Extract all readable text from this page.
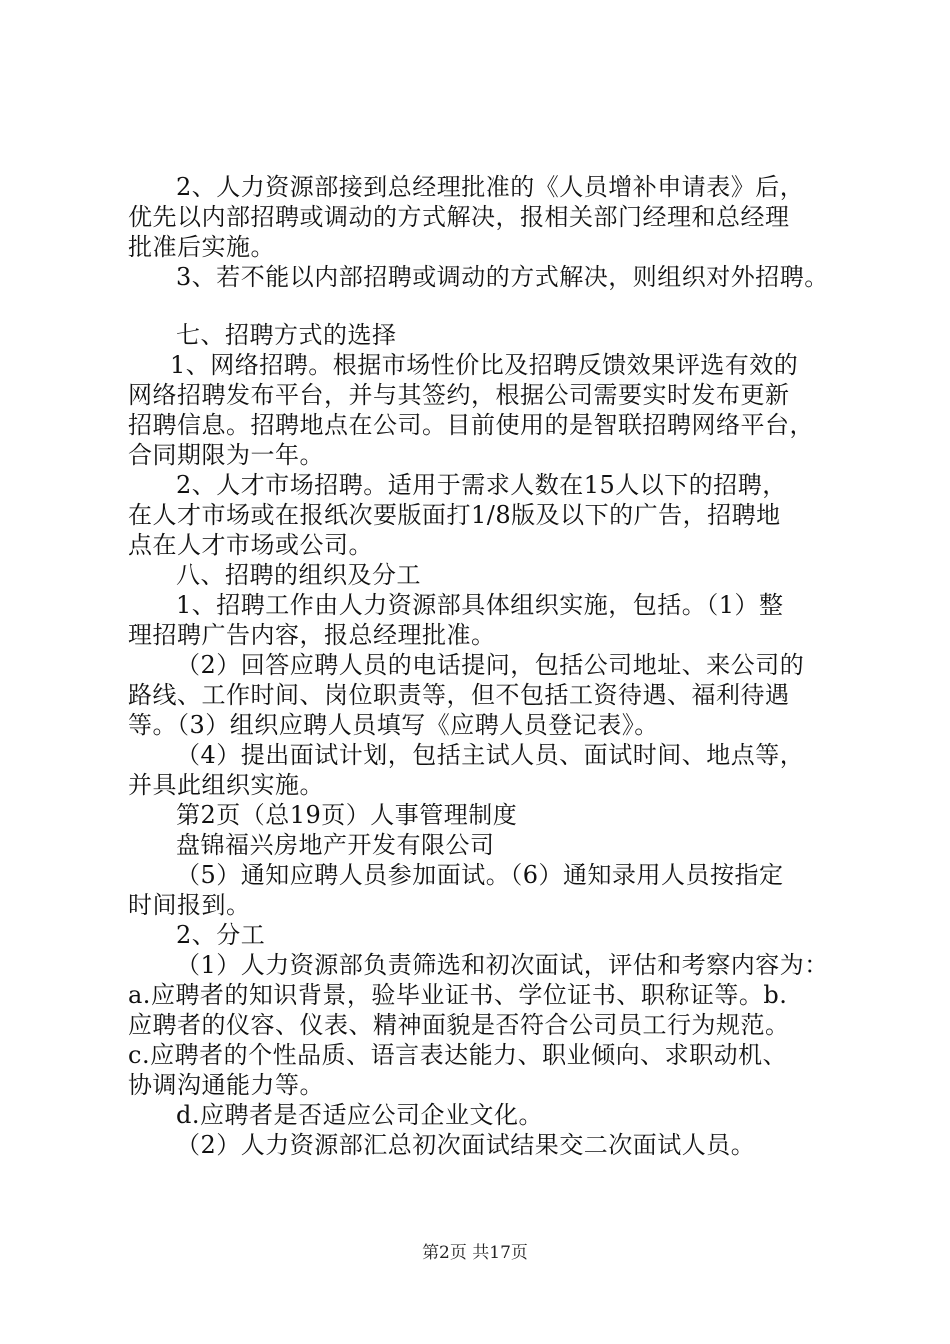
2、人力资源部接到总经理批准的《人员增补申请表》后，
优先以内部招聘或调动的方式解决，报相关部门经理和总经理
批准后实施。
3、若不能以内部招聘或调动的方式解决，则组织对外招聘。
七、招聘方式的选择
1、网络招聘。根据市场性价比及招聘反馈效果评选有效的
网络招聘发布平台，并与其签约，根据公司需要实时发布更新
招聘信息。招聘地点在公司。目前使用的是智联招聘网络平台，
合同期限为一年。
2、人才市场招聘。适用于需求人数在15人以下的招聘，
在人才市场或在报纸次要版面打1/8版及以下的广告，招聘地
点在人才市场或公司。
八、招聘的组织及分工
1、招聘工作由人力资源部具体组织实施，包括。（1）整
理招聘广告内容，报总经理批准。
（2）回答应聘人员的电话提问，包括公司地址、来公司的
路线、工作时间、岗位职责等，但不包括工资待遇、福利待遇
等。（3）组织应聘人员填写《应聘人员登记表》。
（4）提出面试计划，包括主试人员、面试时间、地点等，
并具此组织实施。
第2页（总19页）人事管理制度
盘锦福兴房地产开发有限公司
（5）通知应聘人员参加面试。（6）通知录用人员按指定
时间报到。
2、分工
（1）人力资源部负责筛选和初次面试，评估和考察内容为：
a.应聘者的知识背景，验毕业证书、学位证书、职称证等。b.
应聘者的仪容、仪表、精神面貌是否符合公司员工行为规范。
c.应聘者的个性品质、语言表达能力、职业倾向、求职动机、
协调沟通能力等。
d.应聘者是否适应公司企业文化。
（2）人力资源部汇总初次面试结果交二次面试人员。
第2页 共17页
